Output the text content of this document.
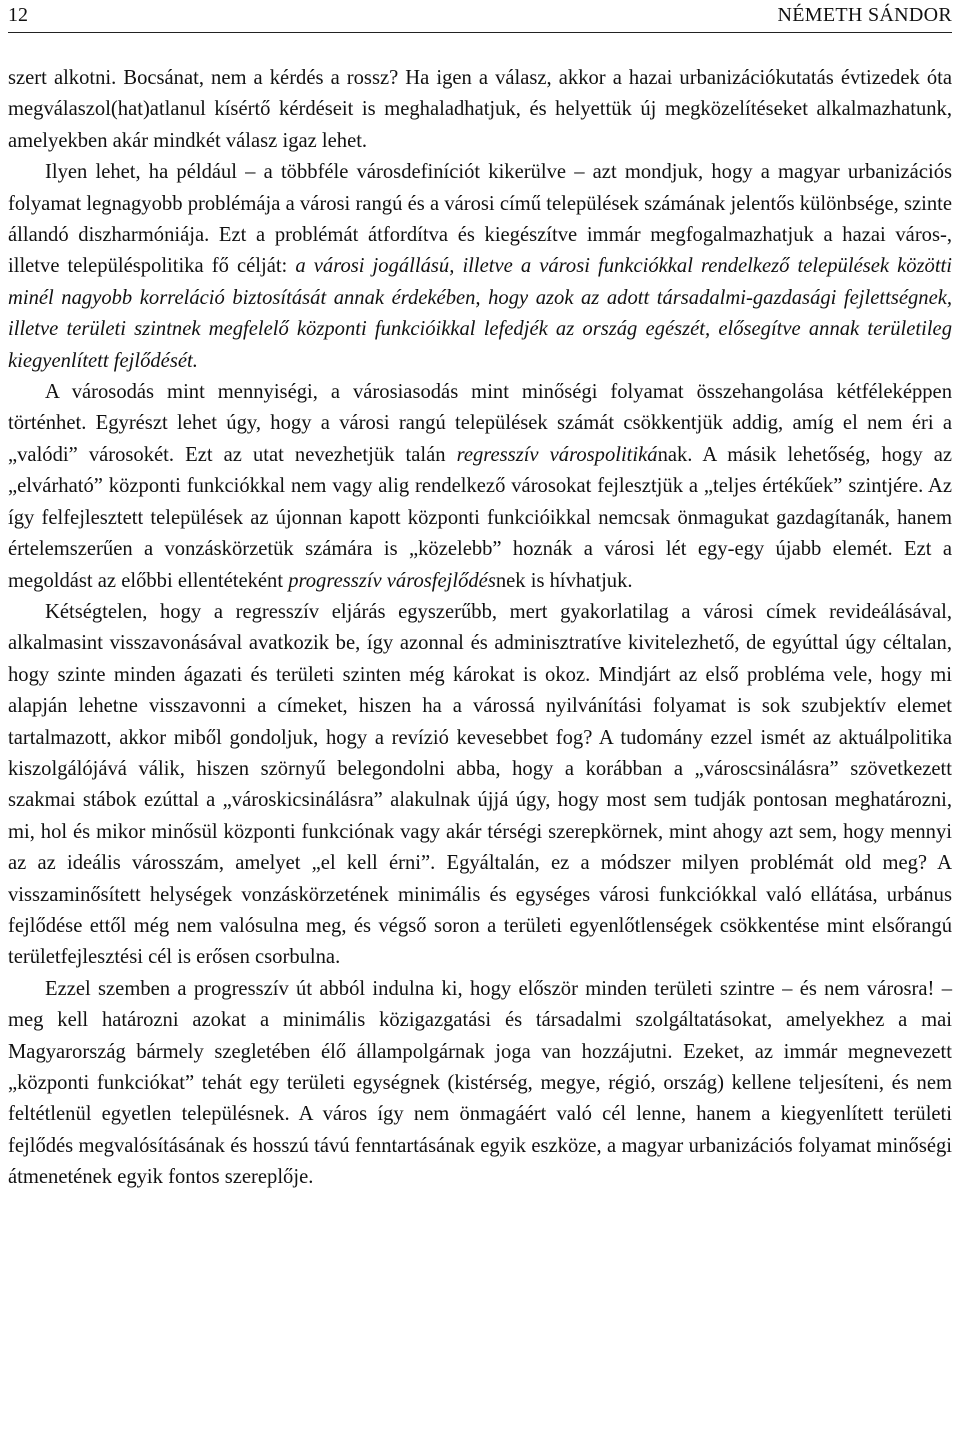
12	NÉMETH SÁNDOR

szert alkotni. Bocsánat, nem a kérdés a rossz? Ha igen a válasz, akkor a hazai urbanizációkutatás évtizedek óta megválaszol(hat)atlanul kísértő kérdéseit is meghaladhatjuk, és helyettük új megközelítéseket alkalmazhatunk, amelyekben akár mindkét válasz igaz lehet.

Ilyen lehet, ha például – a többféle városdefiníciót kikerülve – azt mondjuk, hogy a magyar urbanizációs folyamat legnagyobb problémája a városi rangú és a városi című települések számának jelentős különbsége, szinte állandó diszharmóniája. Ezt a problémát átfordítva és kiegészítve immár megfogalmazhatjuk a hazai város-, illetve településpolitika fő célját: a városi jogállású, illetve a városi funkciókkal rendelkező települések közötti minél nagyobb korreláció biztosítását annak érdekében, hogy azok az adott társadalmi-gazdasági fejlettségnek, illetve területi szintnek megfelelő központi funkcióikkal lefedjék az ország egészét, elősegítve annak területileg kiegyenlített fejlődését.

A városodás mint mennyiségi, a városiasodás mint minőségi folyamat összehangolása kétféleképpen történhet. Egyrészt lehet úgy, hogy a városi rangú települések számát csökkentjük addig, amíg el nem éri a „valódi” városokét. Ezt az utat nevezhetjük talán regresszív várospolitikának. A másik lehetőség, hogy az „elvárható” központi funkciókkal nem vagy alig rendelkező városokat fejlesztjük a „teljes értékűek” szintjére. Az így felfejlesztett települések az újonnan kapott központi funkcióikkal nemcsak önmagukat gazdagítanák, hanem értelemszerűen a vonzáskörzetük számára is „közelebb” hoznák a városi lét egy-egy újabb elemét. Ezt a megoldást az előbbi ellentéteként progresszív városfejlődésnek is hívhatjuk.

Kétségtelen, hogy a regresszív eljárás egyszerűbb, mert gyakorlatilag a városi címek revideálásával, alkalmasint visszavonásával avatkozik be, így azonnal és adminisztratíve kivitelezhető, de egyúttal úgy céltalan, hogy szinte minden ágazati és területi szinten még károkat is okoz. Mindjárt az első probléma vele, hogy mi alapján lehetne visszavonni a címeket, hiszen ha a várossá nyilvánítási folyamat is sok szubjektív elemet tartalmazott, akkor miből gondoljuk, hogy a revízió kevesebbet fog? A tudomány ezzel ismét az aktuálpolitika kiszolgálójává válik, hiszen szörnyű belegondolni abba, hogy a korábban a „városcsinálásra” szövetkezett szakmai stábok ezúttal a „városkicsinálásra” alakulnak újjá úgy, hogy most sem tudják pontosan meghatározni, mi, hol és mikor minősül központi funkciónak vagy akár térségi szerepkörnek, mint ahogy azt sem, hogy mennyi az az ideális városszám, amelyet „el kell érni”. Egyáltalán, ez a módszer milyen problémát old meg? A visszaminősített helységek vonzáskörzetének minimális és egységes városi funkciókkal való ellátása, urbánus fejlődése ettől még nem valósulna meg, és végső soron a területi egyenlőtlenségek csökkentése mint elsőrangú területfejlesztési cél is erősen csorbulna.

Ezzel szemben a progresszív út abból indulna ki, hogy először minden területi szintre – és nem városra! – meg kell határozni azokat a minimális közigazgatási és társadalmi szolgáltatásokat, amelyekhez a mai Magyarország bármely szegletében élő állampolgárnak joga van hozzájutni. Ezeket, az immár megnevezett „központi funkciókat” tehát egy területi egységnek (kistérség, megye, régió, ország) kellene teljesíteni, és nem feltétlenül egyetlen településnek. A város így nem önmagáért való cél lenne, hanem a kiegyenlített területi fejlődés megvalósításának és hosszú távú fenntartásának egyik eszköze, a magyar urbanizációs folyamat minőségi átmenetének egyik fontos szereplője.
